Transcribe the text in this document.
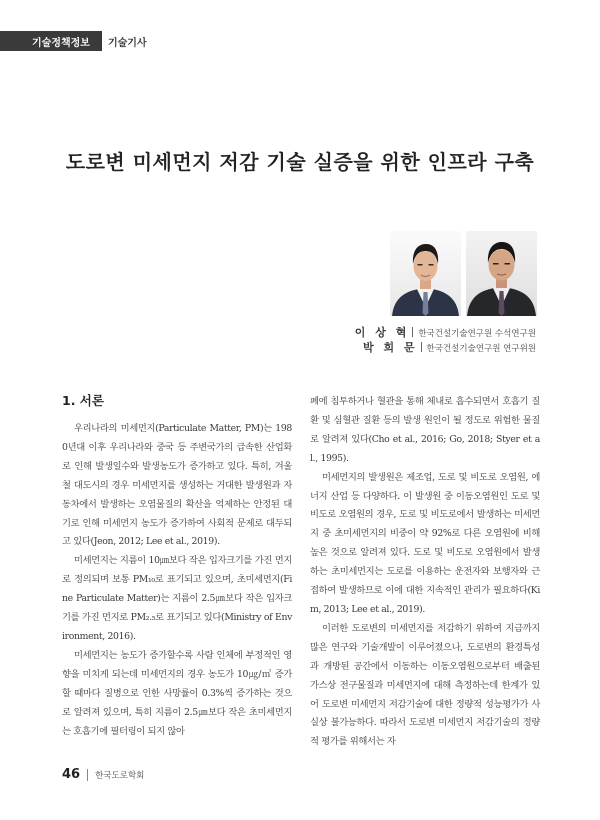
기술정책정보	기술기사
도로변 미세먼지 저감 기술 실증을 위한 인프라 구축
이 상 혁 한국건설기술연구원 수석연구원
박 희 문 한국건설기술연구원 연구위원
1. 서론

우리나라의 미세먼지(Particulate Matter, PM)는 1980년대 이후 우리나라와 중국 등 주변국가의 급속한 산업화로 인해 발생일수와 발생농도가 증가하고 있다. 특히, 겨울철 대도시의 경우 미세먼지를 생성하는 거대한 발생원과 자동차에서 발생하는 오염물질의 확산을 억제하는 안정된 대기로 인해 미세먼지 농도가 증가하여 사회적 문제로 대두되고 있다(Jeon, 2012; Lee et al., 2019).

미세먼지는 지름이 10㎛보다 작은 입자크기를 가진 먼지로 정의되며 보통 PM₁₀로 표기되고 있으며, 초미세먼지(Fine Particulate Matter)는 지름이 2.5㎛보다 작은 입자크기를 가진 먼지로 PM₂.₅로 표기되고 있다(Ministry of Environment, 2016).

미세먼지는 농도가 증가할수록 사람 인체에 부정적인 영향을 미치게 되는데 미세먼지의 경우 농도가 10㎍/㎥ 증가할 때마다 질병으로 인한 사망률이 0.3%씩 증가하는 것으로 알려져 있으며, 특히 지름이 2.5㎛보다 작은 초미세먼지는 호흡기에 필터링이 되지 않아

폐에 침투하거나 혈관을 통해 체내로 흡수되면서 호흡기 질환 및 심혈관 질환 등의 발생 원인이 될 정도로 위험한 물질로 알려져 있다(Cho et al., 2016; Go, 2018; Styer et al., 1995).

미세먼지의 발생원은 제조업, 도로 및 비도로 오염원, 에너지 산업 등 다양하다. 이 발생원 중 이동오염원인 도로 및 비도로 오염원의 경우, 도로 및 비도로에서 발생하는 미세먼지 중 초미세먼지의 비중이 약 92%로 다른 오염원에 비해 높은 것으로 알려져 있다. 도로 및 비도로 오염원에서 발생하는 초미세먼지는 도로를 이용하는 운전자와 보행자와 근접하여 발생하므로 이에 대한 지속적인 관리가 필요하다(Kim, 2013; Lee et al., 2019).

이러한 도로변의 미세먼지를 저감하기 위하여 지금까지 많은 연구와 기술개발이 이루어졌으나, 도로변의 환경특성과 개방된 공간에서 이동하는 이동오염원으로부터 배출된 가스상 전구물질과 미세먼지에 대해 측정하는데 한계가 있어 도로변 미세먼지 저감기술에 대한 정량적 성능평가가 사실상 불가능하다. 따라서 도로변 미세먼지 저감기술의 정량적 평가를 위해서는 자

46 한국도로학회
